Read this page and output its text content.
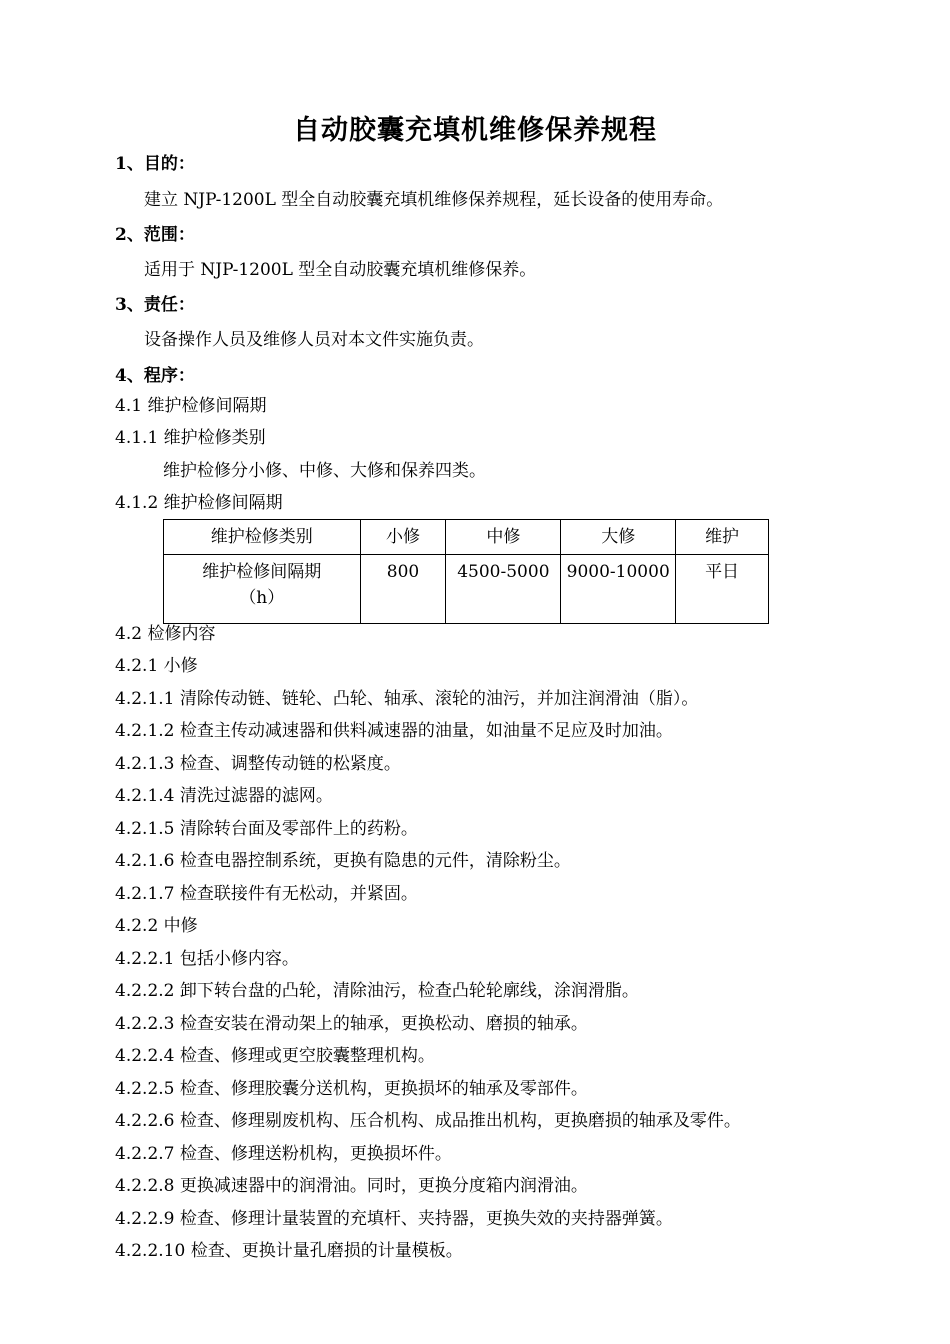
自动胶囊充填机维修保养规程
1、目的：
建立 NJP-1200L 型全自动胶囊充填机维修保养规程，延长设备的使用寿命。
2、范围：
适用于 NJP-1200L 型全自动胶囊充填机维修保养。
3、责任：
设备操作人员及维修人员对本文件实施负责。
4、程序：
4.1 维护检修间隔期
4.1.1 维护检修类别
维护检修分小修、中修、大修和保养四类。
4.1.2 维护检修间隔期
维护检修类别	小修	中修	大修	维护

维护检修间隔期
（h）	800	4500-5000	9000-10000	平日
4.2 检修内容
4.2.1 小修
4.2.1.1 清除传动链、链轮、凸轮、轴承、滚轮的油污，并加注润滑油（脂）。
4.2.1.2 检查主传动减速器和供料减速器的油量，如油量不足应及时加油。
4.2.1.3 检查、调整传动链的松紧度。
4.2.1.4 清洗过滤器的滤网。
4.2.1.5 清除转台面及零部件上的药粉。
4.2.1.6 检查电器控制系统，更换有隐患的元件，清除粉尘。
4.2.1.7 检查联接件有无松动，并紧固。
4.2.2 中修
4.2.2.1 包括小修内容。
4.2.2.2 卸下转台盘的凸轮，清除油污，检查凸轮轮廓线，涂润滑脂。
4.2.2.3 检查安装在滑动架上的轴承，更换松动、磨损的轴承。
4.2.2.4 检查、修理或更空胶囊整理机构。
4.2.2.5 检查、修理胶囊分送机构，更换损坏的轴承及零部件。
4.2.2.6 检查、修理剔废机构、压合机构、成品推出机构，更换磨损的轴承及零件。
4.2.2.7 检查、修理送粉机构，更换损坏件。
4.2.2.8 更换减速器中的润滑油。同时，更换分度箱内润滑油。
4.2.2.9 检查、修理计量装置的充填杆、夹持器，更换失效的夹持器弹簧。
4.2.2.10 检查、更换计量孔磨损的计量模板。
